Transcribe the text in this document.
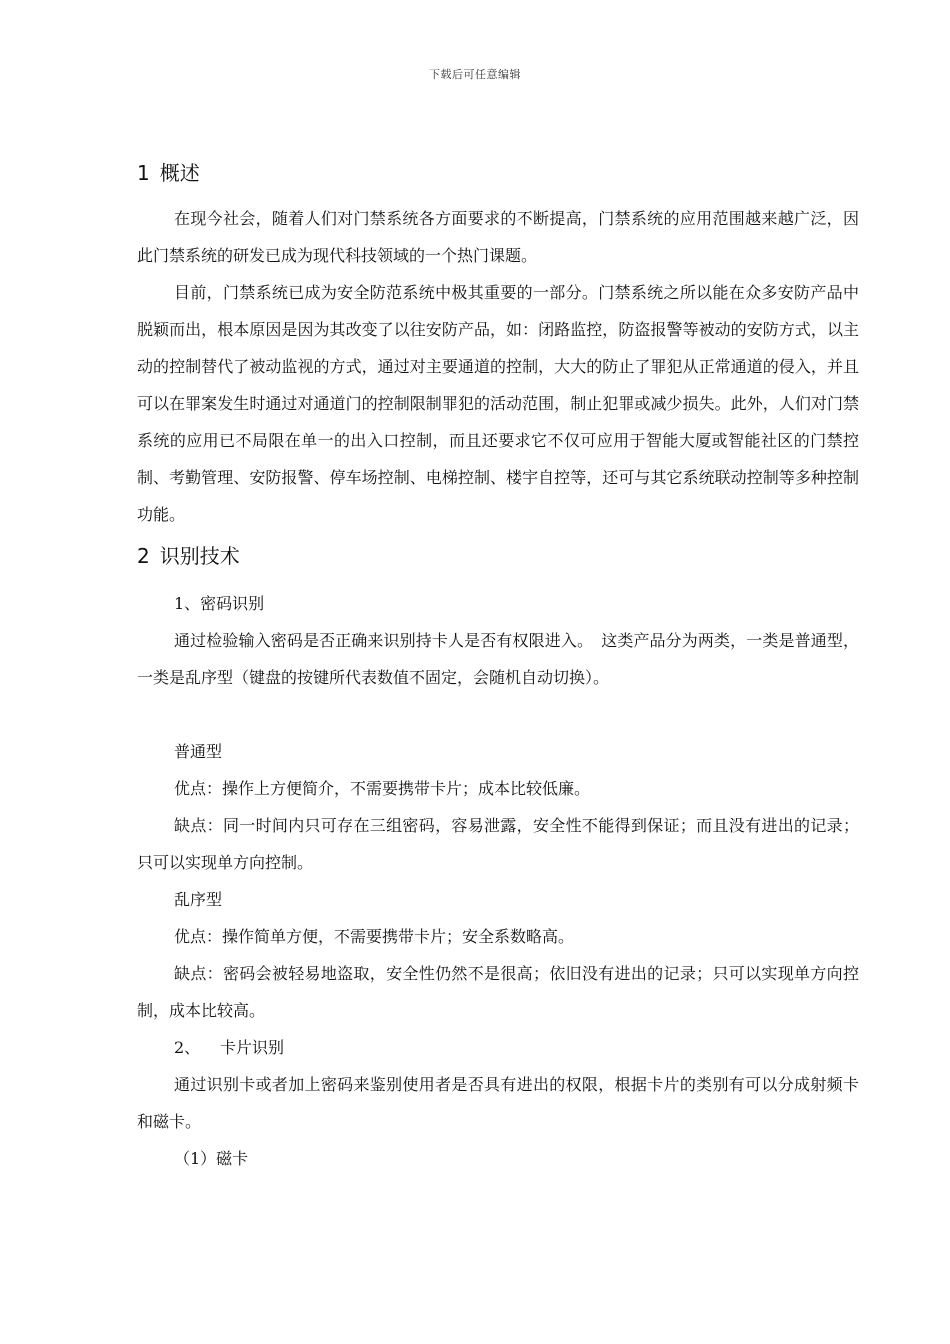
下载后可任意编辑
1 概述

在现今社会，随着人们对门禁系统各方面要求的不断提高，门禁系统的应用范围越来越广泛，因此门禁系统的研发已成为现代科技领域的一个热门课题。

目前，门禁系统已成为安全防范系统中极其重要的一部分。门禁系统之所以能在众多安防产品中脱颖而出，根本原因是因为其改变了以往安防产品，如：闭路监控，防盗报警等被动的安防方式，以主动的控制替代了被动监视的方式，通过对主要通道的控制，大大的防止了罪犯从正常通道的侵入，并且可以在罪案发生时通过对通道门的控制限制罪犯的活动范围，制止犯罪或减少损失。此外，人们对门禁系统的应用已不局限在单一的出入口控制，而且还要求它不仅可应用于智能大厦或智能社区的门禁控制、考勤管理、安防报警、停车场控制、电梯控制、楼宇自控等，还可与其它系统联动控制等多种控制功能。

2 识别技术

1、密码识别

通过检验输入密码是否正确来识别持卡人是否有权限进入。　这类产品分为两类，一类是普通型，一类是乱序型（键盘的按键所代表数值不固定，会随机自动切换）。

普通型

优点：操作上方便简介，不需要携带卡片；成本比较低廉。

缺点：同一时间内只可存在三组密码，容易泄露，安全性不能得到保证；而且没有进出的记录；只可以实现单方向控制。

乱序型

优点：操作简单方便，不需要携带卡片；安全系数略高。

缺点：密码会被轻易地盗取，安全性仍然不是很高；依旧没有进出的记录；只可以实现单方向控制，成本比较高。

2、 卡片识别

通过识别卡或者加上密码来鉴别使用者是否具有进出的权限，根据卡片的类别有可以分成射频卡和磁卡。

（1）磁卡
